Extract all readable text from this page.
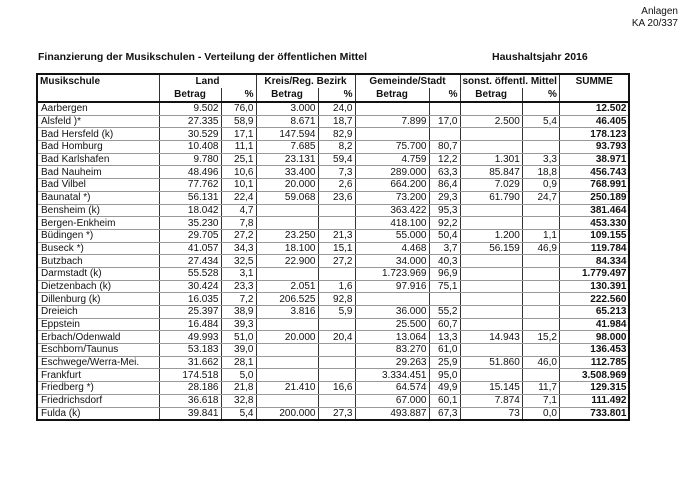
Anlagen
KA 20/337
Finanzierung der Musikschulen - Verteilung der öffentlichen Mittel	Haushaltsjahr 2016
Musikschule	Land		Kreis/Reg. Bezirk		Gemeinde/Stadt		sonst. öffentl. Mittel		SUMME
	Betrag	%	Betrag	%	Betrag	%	Betrag	%	
Aarbergen	9.502	76,0	3.000	24,0					12.502
Alsfeld )*	27.335	58,9	8.671	18,7	7.899	17,0	2.500	5,4	46.405
Bad Hersfeld (k)	30.529	17,1	147.594	82,9					178.123
Bad Homburg	10.408	11,1	7.685	8,2	75.700	80,7			93.793
Bad Karlshafen	9.780	25,1	23.131	59,4	4.759	12,2	1.301	3,3	38.971
Bad Nauheim	48.496	10,6	33.400	7,3	289.000	63,3	85.847	18,8	456.743
Bad Vilbel	77.762	10,1	20.000	2,6	664.200	86,4	7.029	0,9	768.991
Baunatal *)	56.131	22,4	59.068	23,6	73.200	29,3	61.790	24,7	250.189
Bensheim (k)	18.042	4,7			363.422	95,3			381.464
Bergen-Enkheim	35.230	7,8			418.100	92,2			453.330
Büdingen *)	29.705	27,2	23.250	21,3	55.000	50,4	1.200	1,1	109.155
Buseck *)	41.057	34,3	18.100	15,1	4.468	3,7	56.159	46,9	119.784
Butzbach	27.434	32,5	22.900	27,2	34.000	40,3			84.334
Darmstadt (k)	55.528	3,1			1.723.969	96,9			1.779.497
Dietzenbach (k)	30.424	23,3	2.051	1,6	97.916	75,1			130.391
Dillenburg (k)	16.035	7,2	206.525	92,8					222.560
Dreieich	25.397	38,9	3.816	5,9	36.000	55,2			65.213
Eppstein	16.484	39,3			25.500	60,7			41.984
Erbach/Odenwald	49.993	51,0	20.000	20,4	13.064	13,3	14.943	15,2	98.000
Eschborn/Taunus	53.183	39,0			83.270	61,0			136.453
Eschwege/Werra-Mei.	31.662	28,1			29.263	25,9	51.860	46,0	112.785
Frankfurt	174.518	5,0			3.334.451	95,0			3.508.969
Friedberg *)	28.186	21,8	21.410	16,6	64.574	49,9	15.145	11,7	129.315
Friedrichsdorf	36.618	32,8			67.000	60,1	7.874	7,1	111.492
Fulda (k)	39.841	5,4	200.000	27,3	493.887	67,3	73	0,0	733.801
